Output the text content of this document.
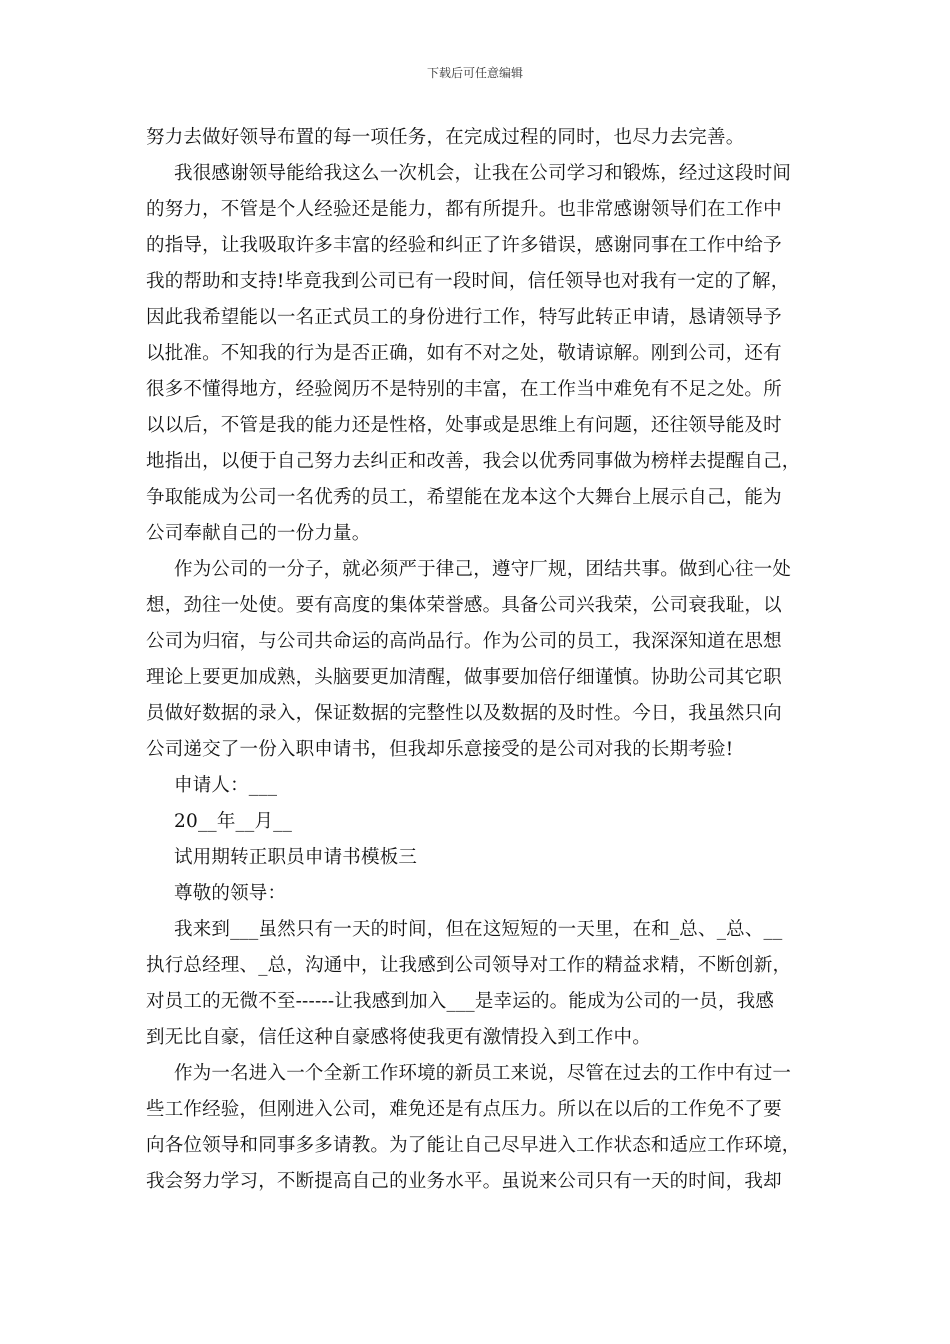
下载后可任意编辑
努力去做好领导布置的每一项任务，在完成过程的同时，也尽力去完善。
我很感谢领导能给我这么一次机会，让我在公司学习和锻炼，经过这段时间
的努力，不管是个人经验还是能力，都有所提升。也非常感谢领导们在工作中
的指导，让我吸取许多丰富的经验和纠正了许多错误，感谢同事在工作中给予
我的帮助和支持!毕竟我到公司已有一段时间，信任领导也对我有一定的了解，
因此我希望能以一名正式员工的身份进行工作，特写此转正申请，恳请领导予
以批准。不知我的行为是否正确，如有不对之处，敬请谅解。刚到公司，还有
很多不懂得地方，经验阅历不是特别的丰富，在工作当中难免有不足之处。所
以以后，不管是我的能力还是性格，处事或是思维上有问题，还往领导能及时
地指出，以便于自己努力去纠正和改善，我会以优秀同事做为榜样去提醒自己，
争取能成为公司一名优秀的员工，希望能在龙本这个大舞台上展示自己，能为
公司奉献自己的一份力量。
作为公司的一分子，就必须严于律己，遵守厂规，团结共事。做到心往一处
想，劲往一处使。要有高度的集体荣誉感。具备公司兴我荣，公司衰我耻，以
公司为归宿，与公司共命运的高尚品行。作为公司的员工，我深深知道在思想
理论上要更加成熟，头脑要更加清醒，做事要加倍仔细谨慎。协助公司其它职
员做好数据的录入，保证数据的完整性以及数据的及时性。今日，我虽然只向
公司递交了一份入职申请书，但我却乐意接受的是公司对我的长期考验!
申请人：___
20__年__月__
试用期转正职员申请书模板三
尊敬的领导：
我来到___虽然只有一天的时间，但在这短短的一天里，在和_总、_总、__
执行总经理、_总，沟通中，让我感到公司领导对工作的精益求精，不断创新，
对员工的无微不至------让我感到加入___是幸运的。能成为公司的一员，我感
到无比自豪，信任这种自豪感将使我更有激情投入到工作中。
作为一名进入一个全新工作环境的新员工来说，尽管在过去的工作中有过一
些工作经验，但刚进入公司，难免还是有点压力。所以在以后的工作免不了要
向各位领导和同事多多请教。为了能让自己尽早进入工作状态和适应工作环境，
我会努力学习，不断提高自己的业务水平。虽说来公司只有一天的时间，我却
